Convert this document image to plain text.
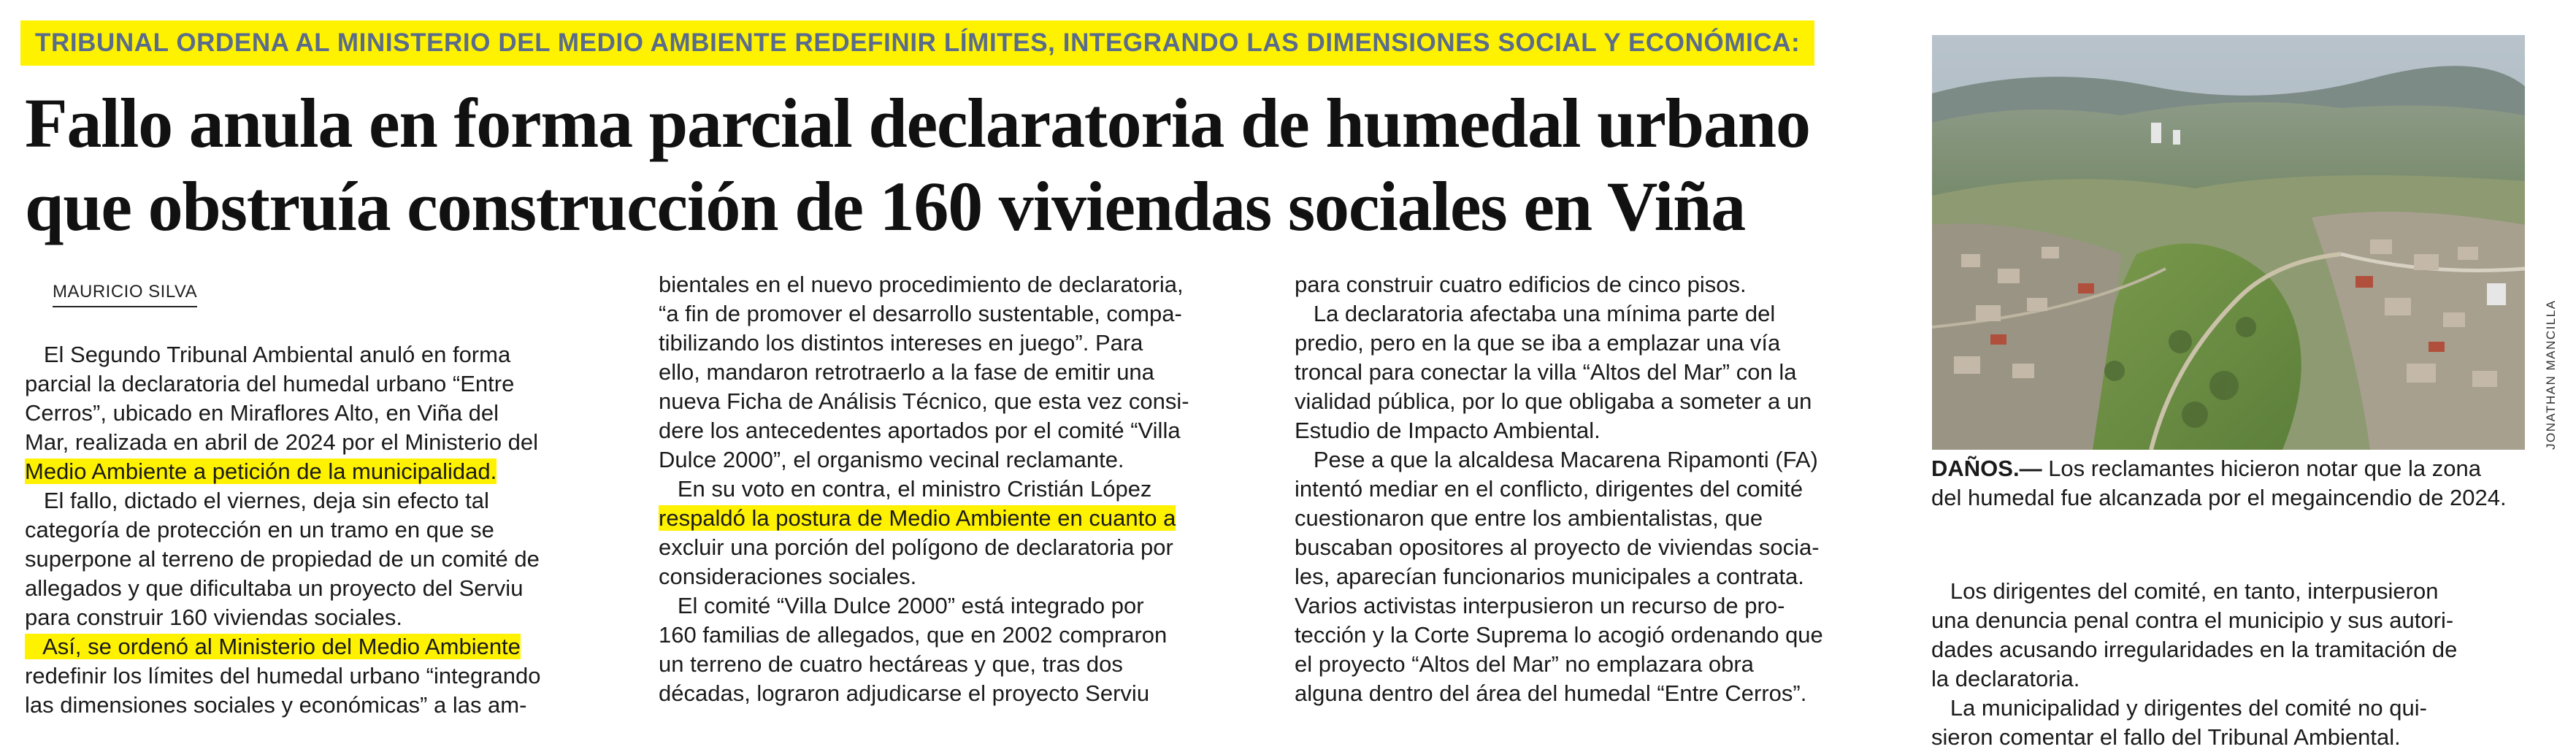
TRIBUNAL ORDENA AL MINISTERIO DEL MEDIO AMBIENTE REDEFINIR LÍMITES, INTEGRANDO LAS DIMENSIONES SOCIAL Y ECONÓMICA:
Fallo anula en forma parcial declaratoria de humedal urbano
que obstruía construcción de 160 viviendas sociales en Viña
MAURICIO SILVA
El Segundo Tribunal Ambiental anuló en forma
parcial la declaratoria del humedal urbano “Entre
Cerros”, ubicado en Miraflores Alto, en Viña del
Mar, realizada en abril de 2024 por el Ministerio del
Medio Ambiente a petición de la municipalidad.
El fallo, dictado el viernes, deja sin efecto tal
categoría de protección en un tramo en que se
superpone al terreno de propiedad de un comité de
allegados y que dificultaba un proyecto del Serviu
para construir 160 viviendas sociales.
Así, se ordenó al Ministerio del Medio Ambiente
redefinir los límites del humedal urbano “integrando
las dimensiones sociales y económicas” a las am-
bientales en el nuevo procedimiento de declaratoria,
“a fin de promover el desarrollo sustentable, compa-
tibilizando los distintos intereses en juego”. Para
ello, mandaron retrotraerlo a la fase de emitir una
nueva Ficha de Análisis Técnico, que esta vez consi-
dere los antecedentes aportados por el comité “Villa
Dulce 2000”, el organismo vecinal reclamante.
En su voto en contra, el ministro Cristián López
respaldó la postura de Medio Ambiente en cuanto a
excluir una porción del polígono de declaratoria por
consideraciones sociales.
El comité “Villa Dulce 2000” está integrado por
160 familias de allegados, que en 2002 compraron
un terreno de cuatro hectáreas y que, tras dos
décadas, lograron adjudicarse el proyecto Serviu
para construir cuatro edificios de cinco pisos.
La declaratoria afectaba una mínima parte del
predio, pero en la que se iba a emplazar una vía
troncal para conectar la villa “Altos del Mar” con la
vialidad pública, por lo que obligaba a someter a un
Estudio de Impacto Ambiental.
Pese a que la alcaldesa Macarena Ripamonti (FA)
intentó mediar en el conflicto, dirigentes del comité
cuestionaron que entre los ambientalistas, que
buscaban opositores al proyecto de viviendas socia-
les, aparecían funcionarios municipales a contrata.
Varios activistas interpusieron un recurso de pro-
tección y la Corte Suprema lo acogió ordenando que
el proyecto “Altos del Mar” no emplazara obra
alguna dentro del área del humedal “Entre Cerros”.
JONATHAN MANCILLA
DAÑOS.— Los reclamantes hicieron notar que la zona
del humedal fue alcanzada por el megaincendio de 2024.
Los dirigentes del comité, en tanto, interpusieron
una denuncia penal contra el municipio y sus autori-
dades acusando irregularidades en la tramitación de
la declaratoria.
La municipalidad y dirigentes del comité no qui-
sieron comentar el fallo del Tribunal Ambiental.
